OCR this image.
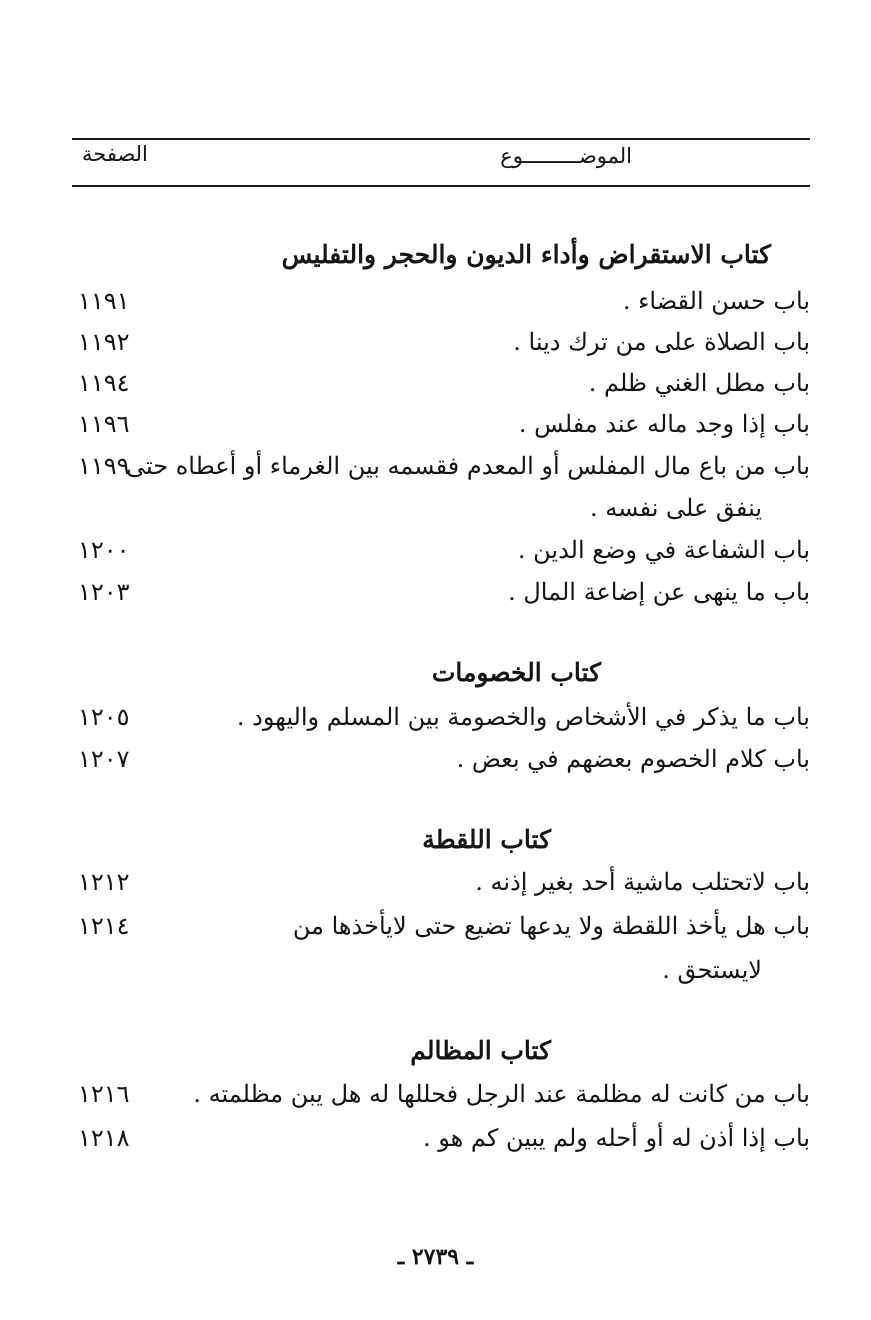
الموضـــــــــوع
الصفحة
كتاب الاستقراض وأداء الديون والحجر والتفليس
باب حسن القضاء .
١١٩١
باب الصلاة على من ترك دينا .
١١٩٢
باب مطل الغني ظلم .
١١٩٤
باب إذا وجد ماله عند مفلس .
١١٩٦
باب من باع مال المفلس أو المعدم فقسمه بين الغرماء أو أعطاه حتى
١١٩٩
ينفق على نفسه .
باب الشفاعة في وضع الدين .
١٢٠٠
باب ما ينهى عن إضاعة المال .
١٢٠٣
كتاب الخصومات
باب ما يذكر في الأشخاص والخصومة بين المسلم واليهود .
١٢٠٥
باب كلام الخصوم بعضهم في بعض .
١٢٠٧
كتاب اللقطة
باب لاتحتلب ماشية أحد بغير إذنه .
١٢١٢
باب هل يأخذ اللقطة ولا يدعها تضيع حتى لايأخذها من
١٢١٤
لايستحق .
كتاب المظالم
باب من كانت له مظلمة عند الرجل فحللها له هل يبن مظلمته .
١٢١٦
باب إذا أذن له أو أحله ولم يبين كم هو .
١٢١٨
ـ ٢٧٣٩ ـ
